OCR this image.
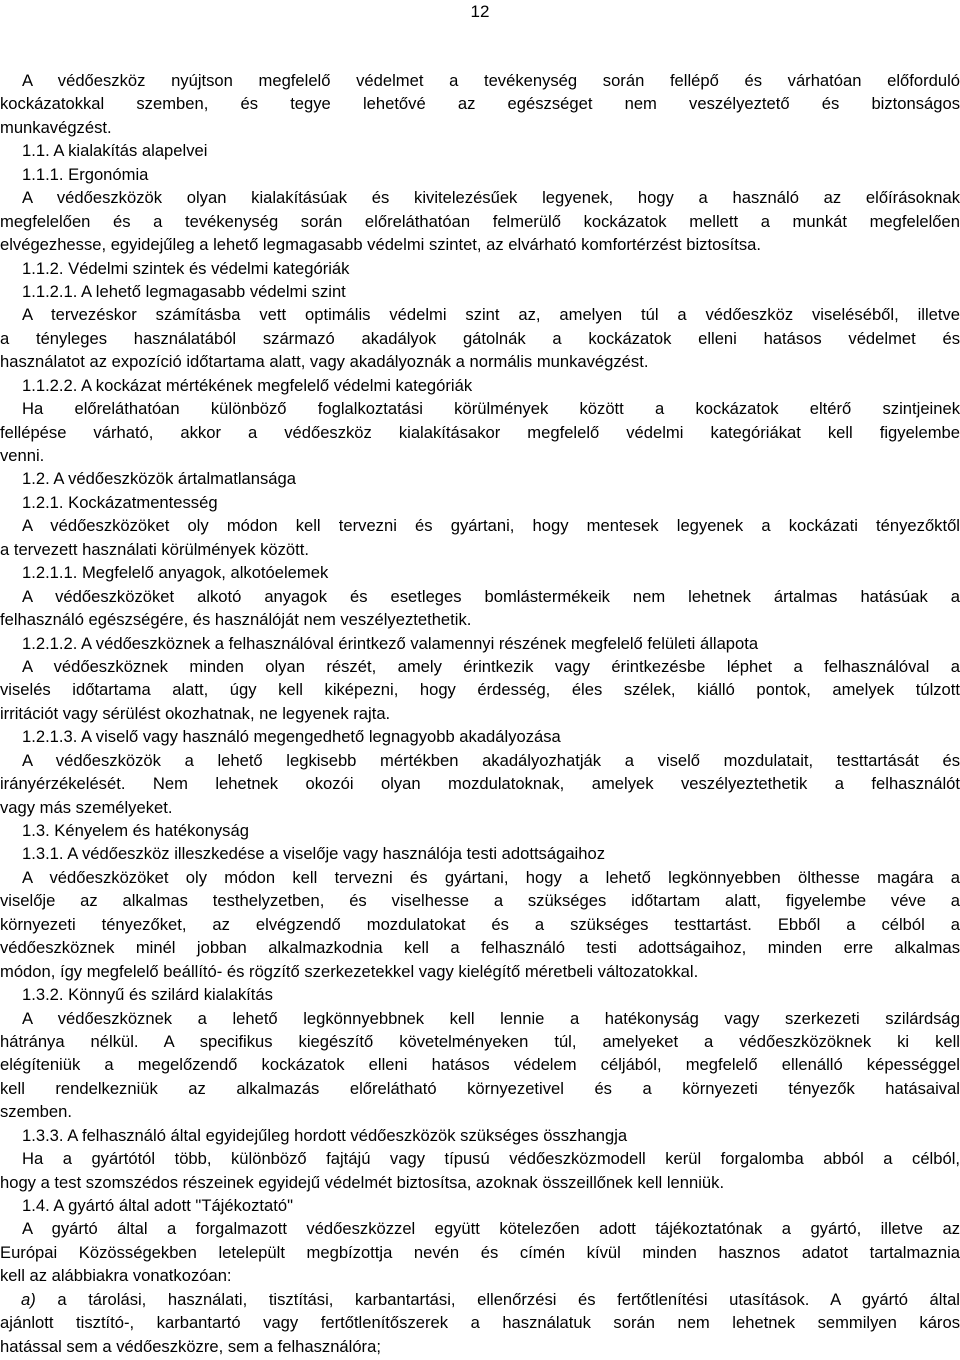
12
A védőeszköz nyújtson megfelelő védelmet a tevékenység során fellépő és várhatóan előforduló
kockázatokkal szemben, és tegye lehetővé az egészséget nem veszélyeztető és biztonságos
munkavégzést.
1.1. A kialakítás alapelvei
1.1.1. Ergonómia
A védőeszközök olyan kialakításúak és kivitelezésűek legyenek, hogy a használó az előírásoknak
megfelelően és a tevékenység során előreláthatóan felmerülő kockázatok mellett a munkát megfelelően
elvégezhesse, egyidejűleg a lehető legmagasabb védelmi szintet, az elvárható komfortérzést biztosítsa.
1.1.2. Védelmi szintek és védelmi kategóriák
1.1.2.1. A lehető legmagasabb védelmi szint
A tervezéskor számításba vett optimális védelmi szint az, amelyen túl a védőeszköz viseléséből, illetve
a tényleges használatából származó akadályok gátolnák a kockázatok elleni hatásos védelmet és
használatot az expozíció időtartama alatt, vagy akadályoznák a normális munkavégzést.
1.1.2.2. A kockázat mértékének megfelelő védelmi kategóriák
Ha előreláthatóan különböző foglalkoztatási körülmények között a kockázatok eltérő szintjeinek
fellépése várható, akkor a védőeszköz kialakításakor megfelelő védelmi kategóriákat kell figyelembe
venni.
1.2. A védőeszközök ártalmatlansága
1.2.1. Kockázatmentesség
A védőeszközöket oly módon kell tervezni és gyártani, hogy mentesek legyenek a kockázati tényezőktől
a tervezett használati körülmények között.
1.2.1.1. Megfelelő anyagok, alkotóelemek
A védőeszközöket alkotó anyagok és esetleges bomlástermékeik nem lehetnek ártalmas hatásúak a
felhasználó egészségére, és használóját nem veszélyeztethetik.
1.2.1.2. A védőeszköznek a felhasználóval érintkező valamennyi részének megfelelő felületi állapota
A védőeszköznek minden olyan részét, amely érintkezik vagy érintkezésbe léphet a felhasználóval a
viselés időtartama alatt, úgy kell kiképezni, hogy érdesség, éles szélek, kiálló pontok, amelyek túlzott
irritációt vagy sérülést okozhatnak, ne legyenek rajta.
1.2.1.3. A viselő vagy használó megengedhető legnagyobb akadályozása
A védőeszközök a lehető legkisebb mértékben akadályozhatják a viselő mozdulatait, testtartását és
irányérzékelését. Nem lehetnek okozói olyan mozdulatoknak, amelyek veszélyeztethetik a felhasználót
vagy más személyeket.
1.3. Kényelem és hatékonyság
1.3.1. A védőeszköz illeszkedése a viselője vagy használója testi adottságaihoz
A védőeszközöket oly módon kell tervezni és gyártani, hogy a lehető legkönnyebben ölthesse magára a
viselője az alkalmas testhelyzetben, és viselhesse a szükséges időtartam alatt, figyelembe véve a
környezeti tényezőket, az elvégzendő mozdulatokat és a szükséges testtartást. Ebből a célból a
védőeszköznek minél jobban alkalmazkodnia kell a felhasználó testi adottságaihoz, minden erre alkalmas
módon, így megfelelő beállító- és rögzítő szerkezetekkel vagy kielégítő méretbeli változatokkal.
1.3.2. Könnyű és szilárd kialakítás
A védőeszköznek a lehető legkönnyebbnek kell lennie a hatékonyság vagy szerkezeti szilárdság
hátránya nélkül. A specifikus kiegészítő követelményeken túl, amelyeket a védőeszközöknek ki kell
elégíteniük a megelőzendő kockázatok elleni hatásos védelem céljából, megfelelő ellenálló képességgel
kell rendelkezniük az alkalmazás előrelátható környezetivel és a környezeti tényezők hatásaival
szemben.
1.3.3. A felhasználó által egyidejűleg hordott védőeszközök szükséges összhangja
Ha a gyártótól több, különböző fajtájú vagy típusú védőeszközmodell kerül forgalomba abból a célból,
hogy a test szomszédos részeinek egyidejű védelmét biztosítsa, azoknak összeillőnek kell lenniük.
1.4. A gyártó által adott "Tájékoztató"
A gyártó által a forgalmazott védőeszközzel együtt kötelezően adott tájékoztatónak a gyártó, illetve az
Európai Közösségekben letelepült megbízottja nevén és címén kívül minden hasznos adatot tartalmaznia
kell az alábbiakra vonatkozóan:
a) a tárolási, használati, tisztítási, karbantartási, ellenőrzési és fertőtlenítési utasítások. A gyártó által
ajánlott tisztító-, karbantartó vagy fertőtlenítőszerek a használatuk során nem lehetnek semmilyen káros
hatással sem a védőeszközre, sem a felhasználóra;
